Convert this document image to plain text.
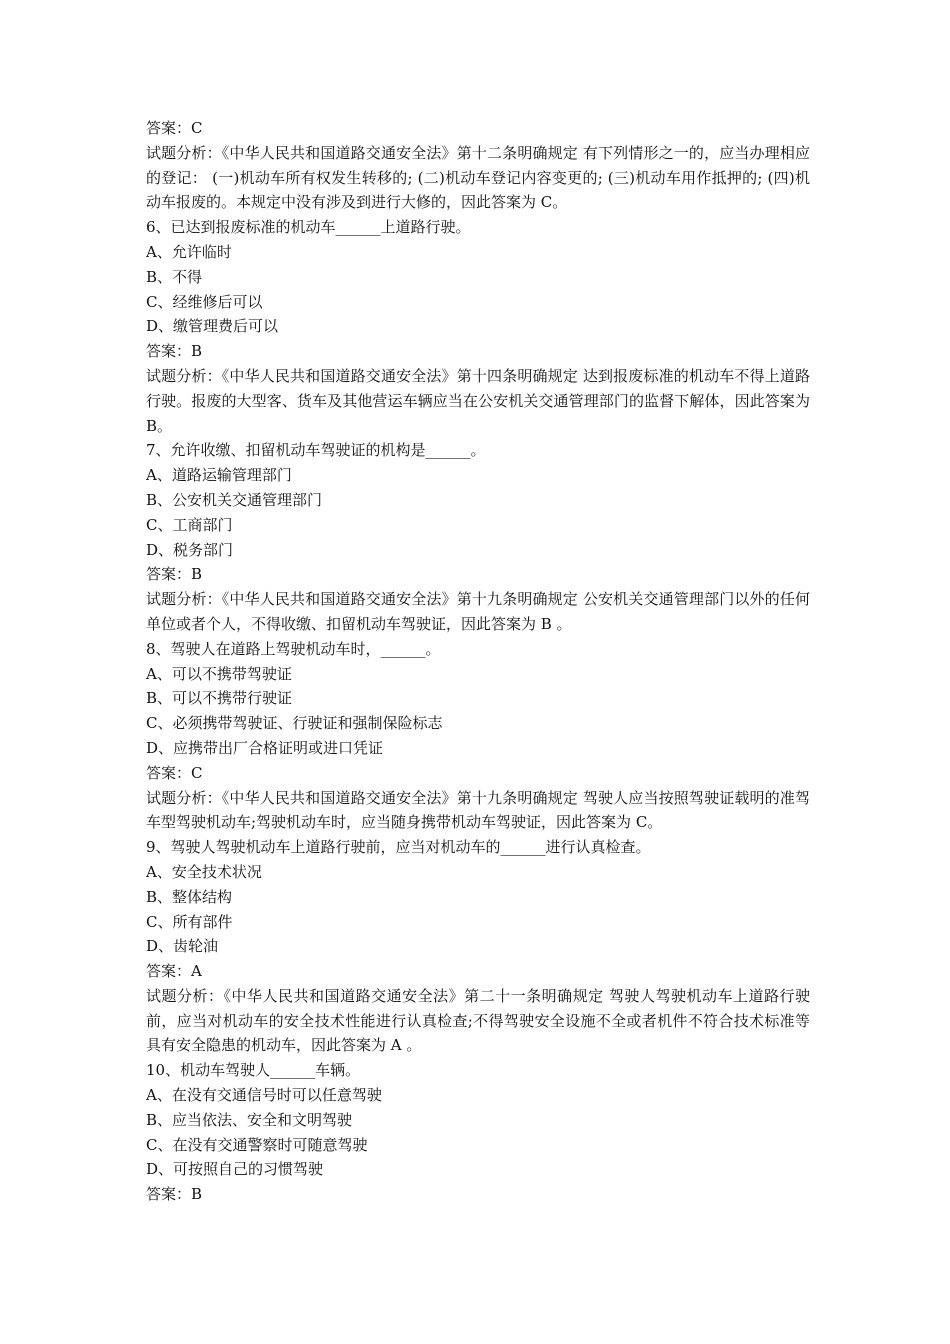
答案：C
试题分析：《中华人民共和国道路交通安全法》第十二条明确规定 有下列情形之一的，应当办理相应的登记： (一)机动车所有权发生转移的; (二)机动车登记内容变更的; (三)机动车用作抵押的; (四)机动车报废的。本规定中没有涉及到进行大修的，因此答案为 C。
6、已达到报废标准的机动车______上道路行驶。
A、允许临时
B、不得
C、经维修后可以
D、缴管理费后可以
答案：B
试题分析：《中华人民共和国道路交通安全法》第十四条明确规定 达到报废标准的机动车不得上道路行驶。报废的大型客、货车及其他营运车辆应当在公安机关交通管理部门的监督下解体，因此答案为 B。
7、允许收缴、扣留机动车驾驶证的机构是______。
A、道路运输管理部门
B、公安机关交通管理部门
C、工商部门
D、税务部门
答案：B
试题分析：《中华人民共和国道路交通安全法》第十九条明确规定 公安机关交通管理部门以外的任何单位或者个人，不得收缴、扣留机动车驾驶证，因此答案为 B 。
8、驾驶人在道路上驾驶机动车时，______。
A、可以不携带驾驶证
B、可以不携带行驶证
C、必须携带驾驶证、行驶证和强制保险标志
D、应携带出厂合格证明或进口凭证
答案：C
试题分析：《中华人民共和国道路交通安全法》第十九条明确规定 驾驶人应当按照驾驶证载明的准驾车型驾驶机动车;驾驶机动车时，应当随身携带机动车驾驶证，因此答案为 C。
9、驾驶人驾驶机动车上道路行驶前，应当对机动车的______进行认真检查。
A、安全技术状况
B、整体结构
C、所有部件
D、齿轮油
答案：A
试题分析：《中华人民共和国道路交通安全法》第二十一条明确规定 驾驶人驾驶机动车上道路行驶前，应当对机动车的安全技术性能进行认真检查;不得驾驶安全设施不全或者机件不符合技术标准等具有安全隐患的机动车，因此答案为 A 。
10、机动车驾驶人______车辆。
A、在没有交通信号时可以任意驾驶
B、应当依法、安全和文明驾驶
C、在没有交通警察时可随意驾驶
D、可按照自己的习惯驾驶
答案：B
